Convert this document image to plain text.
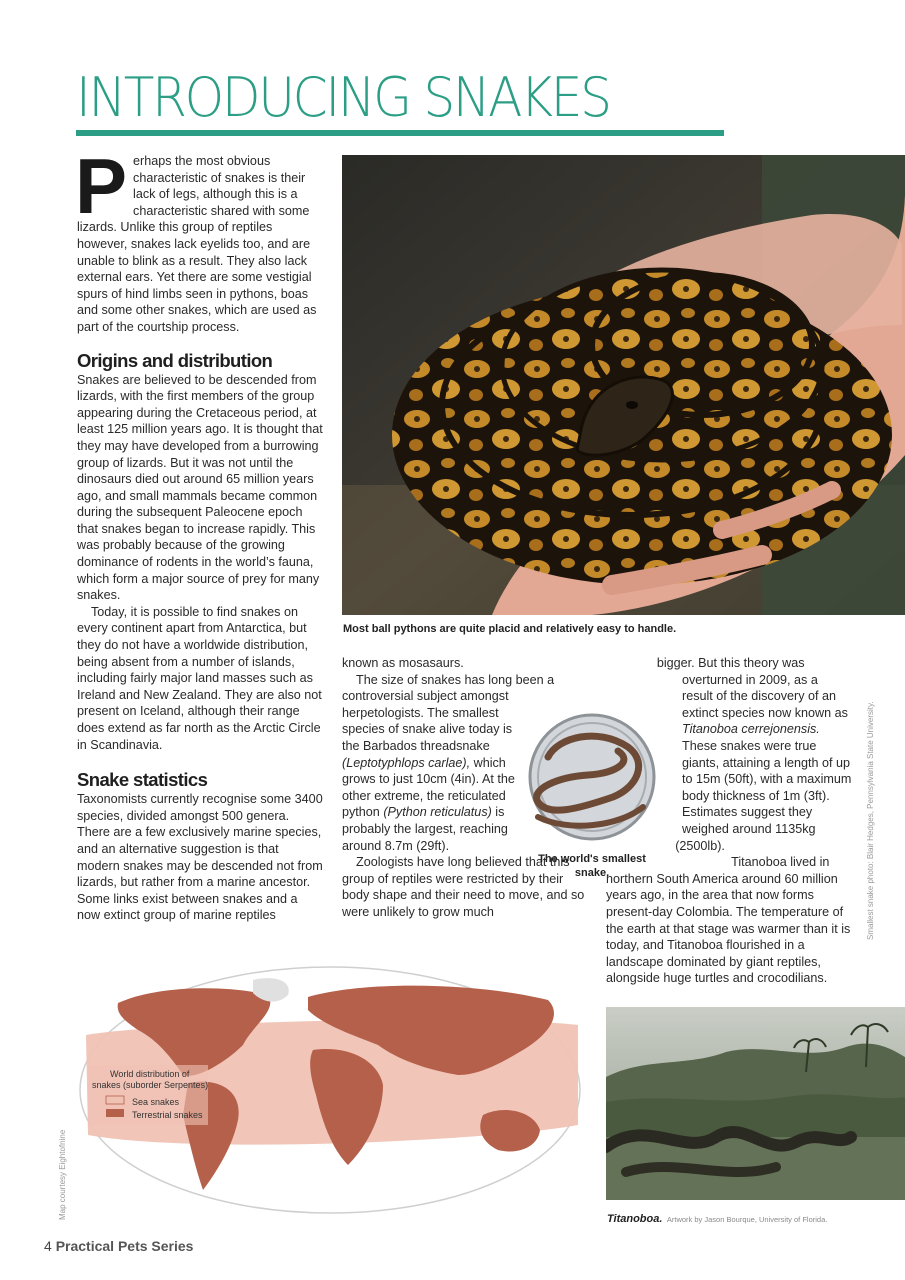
INTRODUCING SNAKES

Perhaps the most obvious characteristic of snakes is their lack of legs, although this is a characteristic shared with some lizards. Unlike this group of reptiles however, snakes lack eyelids too, and are unable to blink as a result. They also lack external ears. Yet there are some vestigial spurs of hind limbs seen in pythons, boas and some other snakes, which are used as part of the courtship process.

Origins and distribution

Snakes are believed to be descended from lizards, with the first members of the group appearing during the Cretaceous period, at least 125 million years ago. It is thought that they may have developed from a burrowing group of lizards. But it was not until the dinosaurs died out around 65 million years ago, and small mammals became common during the subsequent Paleocene epoch that snakes began to increase rapidly. This was probably because of the growing dominance of rodents in the world’s fauna, which form a major source of prey for many snakes.

Today, it is possible to find snakes on every continent apart from Antarctica, but they do not have a worldwide distribution, being absent from a number of islands, including fairly major land masses such as Ireland and New Zealand. They are also not present on Iceland, although their range does extend as far north as the Arctic Circle in Scandinavia.

Snake statistics

Taxonomists currently recognise some 3400 species, divided amongst 500 genera. There are a few exclusively marine species, and an alternative suggestion is that modern snakes may be descended not from lizards, but rather from a marine ancestor. Some links exist between snakes and a now extinct group of marine reptiles

Most ball pythons are quite placid and relatively easy to handle.

known as mosasaurs.

The size of snakes has long been a controversial subject amongst herpetologists. The smallest species of snake alive today is the Barbados threadsnake (Leptotyphlops carlae), which grows to just 10cm (4in). At the other extreme, the reticulated python (Python reticulatus) is probably the largest, reaching around 8.7m (29ft).

Zoologists have long believed that this group of reptiles were restricted by their body shape and their need to move, and so were unlikely to grow much

The world's smallest snake.

bigger. But this theory was overturned in 2009, as a result of the discovery of an extinct species now known as Titanoboa cerrejonensis. These snakes were true giants, attaining a length of up to 15m (50ft), with a maximum body thickness of 1m (3ft). Estimates suggest they weighed around 1135kg (2500lb).

Titanoboa lived in northern South America around 60 million years ago, in the area that now forms present-day Colombia. The temperature of the earth at that stage was warmer than it is today, and Titanoboa flourished in a landscape dominated by giant reptiles, alongside huge turtles and crocodilians.

Smallest snake photo: Blair Hedges, Pennsylvania State University.
World distribution of
snakes (suborder Serpentes)
Sea snakes
Terrestrial snakes
Map courtesy Eightofnine	Titanoboa. Artwork by Jason Bourque, University of Florida.
4 Practical Pets Series
